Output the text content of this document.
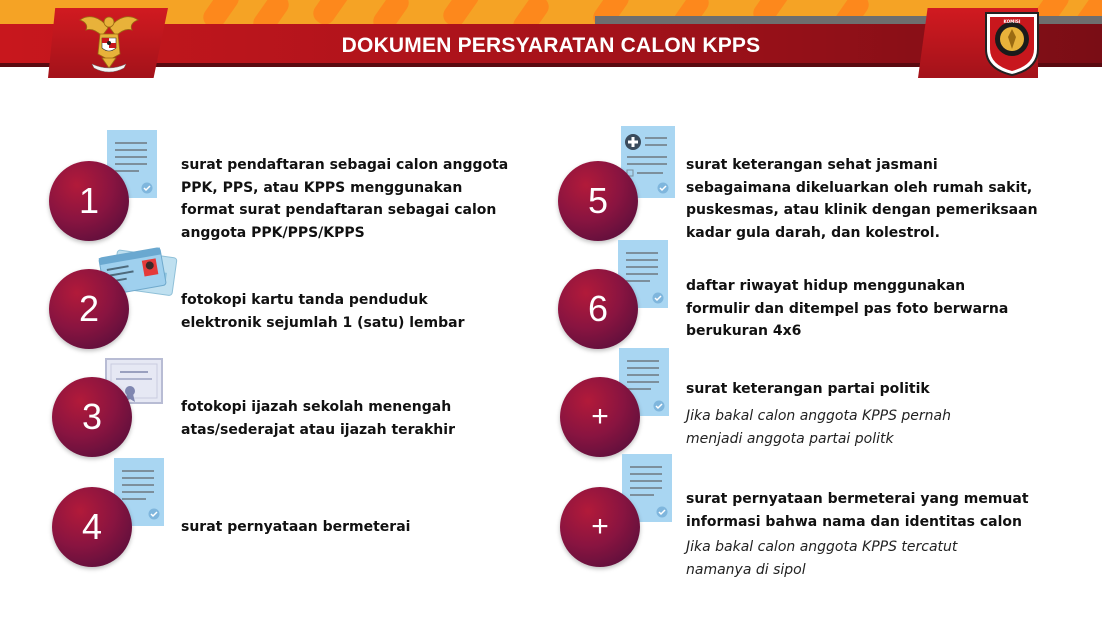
DOKUMEN PERSYARATAN CALON KPPS
KOMISI
1
surat pendaftaran sebagai calon anggota
PPK, PPS, atau KPPS menggunakan
format surat pendaftaran sebagai calon
anggota PPK/PPS/KPPS
2	fotokopi kartu tanda penduduk
elektronik sejumlah 1 (satu) lembar
3	fotokopi ijazah sekolah menengah
atas/sederajat atau ijazah terakhir
4	surat pernyataan bermeterai
5
surat keterangan sehat jasmani
sebagaimana dikeluarkan oleh rumah sakit,
puskesmas, atau klinik dengan pemeriksaan
kadar gula darah, dan kolestrol.
6
daftar riwayat hidup menggunakan
formulir dan ditempel pas foto berwarna
berukuran 4x6
+
surat keterangan partai politik
Jika bakal calon anggota KPPS pernah
menjadi anggota partai politk
+
surat pernyataan bermeterai yang memuat
informasi bahwa nama dan identitas calon
Jika bakal calon anggota KPPS tercatut
namanya di sipol
